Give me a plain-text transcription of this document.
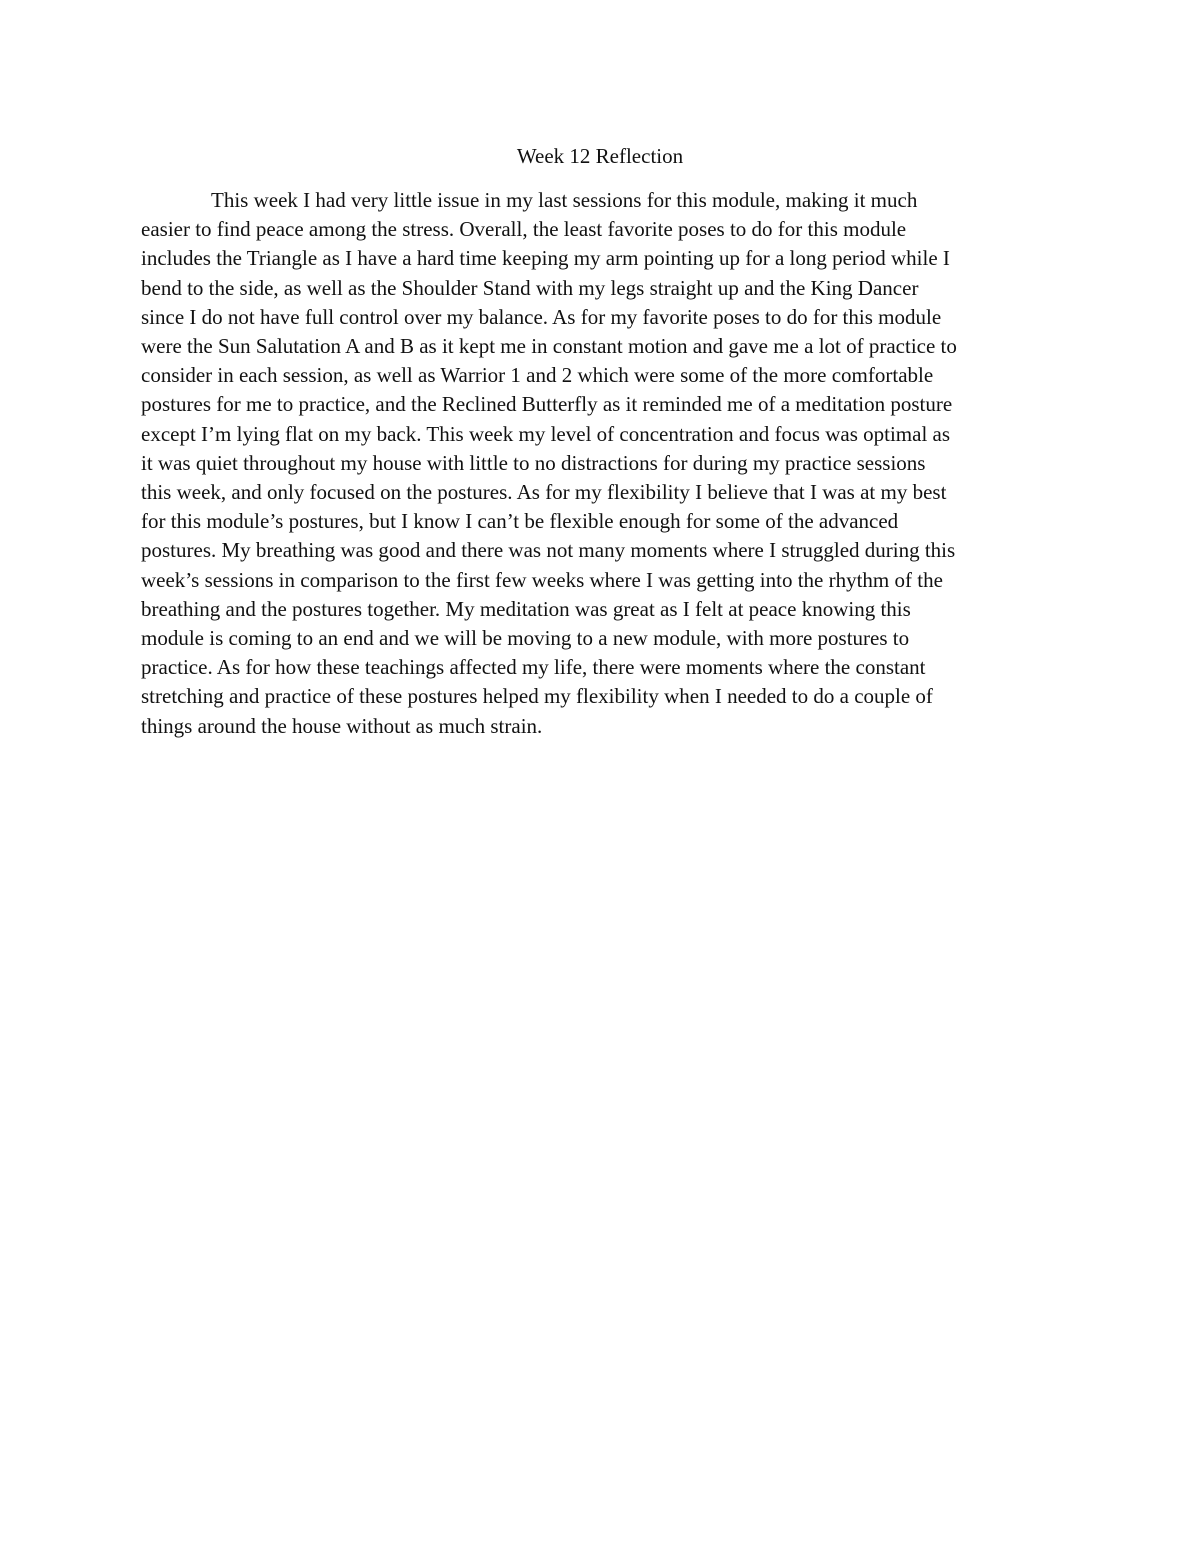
Week 12 Reflection
This week I had very little issue in my last sessions for this module, making it much
easier to find peace among the stress. Overall, the least favorite poses to do for this module
includes the Triangle as I have a hard time keeping my arm pointing up for a long period while I
bend to the side, as well as the Shoulder Stand with my legs straight up and the King Dancer
since I do not have full control over my balance. As for my favorite poses to do for this module
were the Sun Salutation A and B as it kept me in constant motion and gave me a lot of practice to
consider in each session, as well as Warrior 1 and 2 which were some of the more comfortable
postures for me to practice, and the Reclined Butterfly as it reminded me of a meditation posture
except I’m lying flat on my back. This week my level of concentration and focus was optimal as
it was quiet throughout my house with little to no distractions for during my practice sessions
this week, and only focused on the postures. As for my flexibility I believe that I was at my best
for this module’s postures, but I know I can’t be flexible enough for some of the advanced
postures. My breathing was good and there was not many moments where I struggled during this
week’s sessions in comparison to the first few weeks where I was getting into the rhythm of the
breathing and the postures together. My meditation was great as I felt at peace knowing this
module is coming to an end and we will be moving to a new module, with more postures to
practice. As for how these teachings affected my life, there were moments where the constant
stretching and practice of these postures helped my flexibility when I needed to do a couple of
things around the house without as much strain.
